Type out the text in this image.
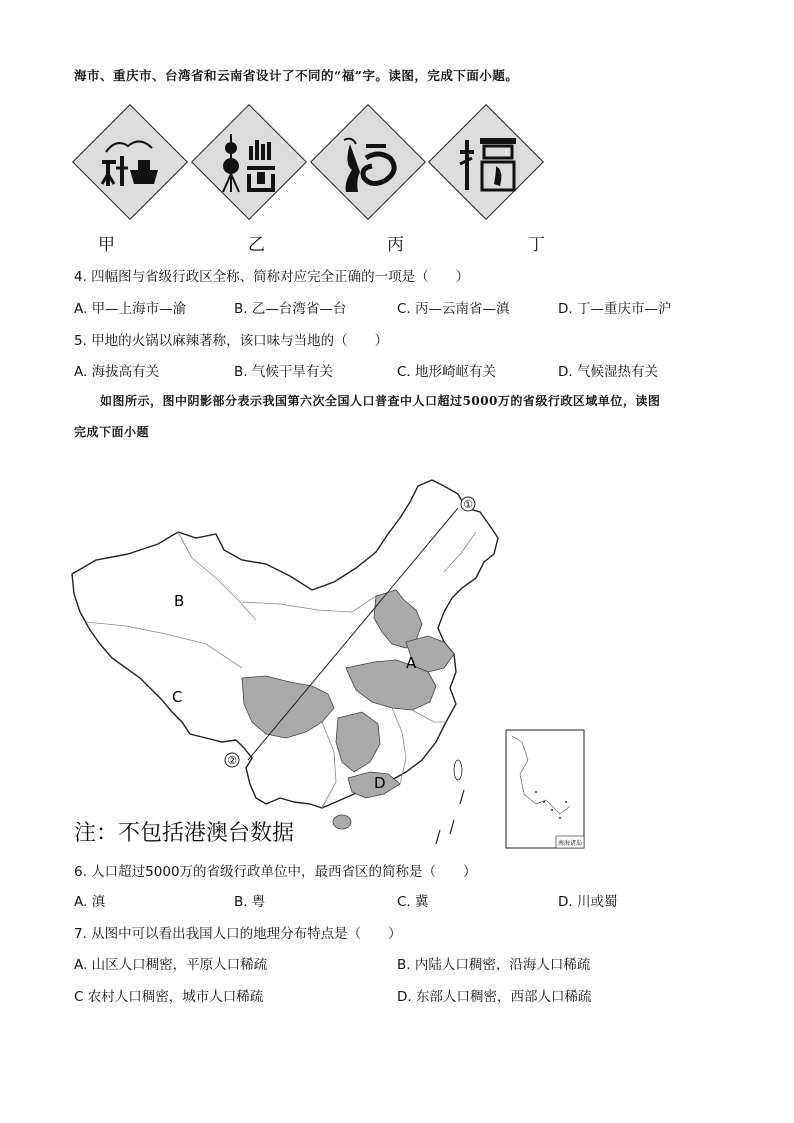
海市、重庆市、台湾省和云南省设计了不同的“福”字。读图，完成下面小题。
甲	乙	丙	丁
4. 四幅图与省级行政区全称、简称对应完全正确的一项是（　　）
A. 甲—上海市—渝	B. 乙—台湾省—台	C. 丙—云南省—滇	D. 丁—重庆市—沪
5. 甲地的火锅以麻辣著称，该口味与当地的（　　）
A. 海拔高有关	B. 气候干旱有关	C. 地形崎岖有关	D. 气候湿热有关
如图所示，图中阴影部分表示我国第六次全国人口普查中人口超过5000万的省级行政区域单位，读图
完成下面小题
①
②
A
B
C
D
南海诸岛
注：不包括港澳台数据
6. 人口超过5000万的省级行政单位中，最西省区的简称是（　　）
A. 滇	B. 粤	C. 冀	D. 川或蜀
7. 从图中可以看出我国人口的地理分布特点是（　　）
A. 山区人口稠密，平原人口稀疏	B. 内陆人口稠密，沿海人口稀疏
C 农村人口稠密，城市人口稀疏	D. 东部人口稠密，西部人口稀疏
